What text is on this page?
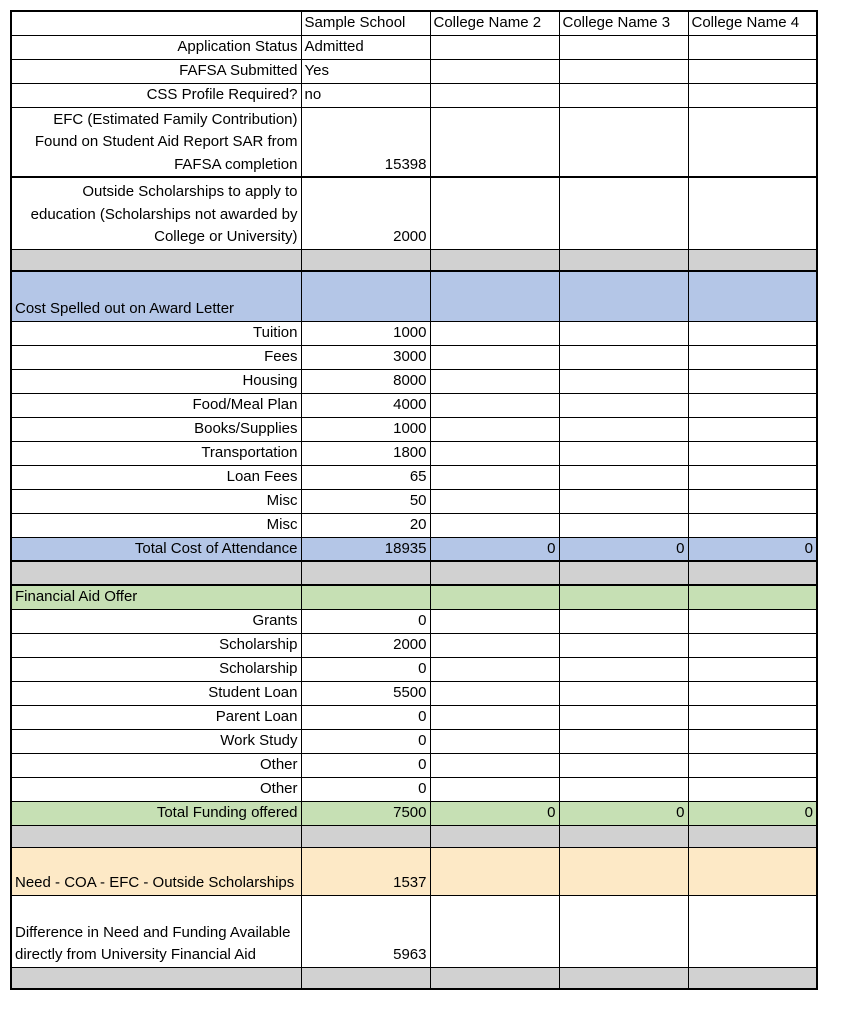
	Sample School	College Name 2	College Name 3	College Name 4
Application Status	Admitted			
FAFSA Submitted	Yes			
CSS Profile Required?	no			
EFC (Estimated Family Contribution) Found on Student Aid Report SAR from FAFSA completion	15398			
Outside Scholarships to apply to education (Scholarships not awarded by College or University)	2000			

Cost Spelled out on Award Letter				
Tuition	1000			
Fees	3000			
Housing	8000			
Food/Meal Plan	4000			
Books/Supplies	1000			
Transportation	1800			
Loan Fees	65			
Misc	50			
Misc	20			
Total Cost of Attendance	18935	0	0	0

Financial Aid Offer				
Grants	0			
Scholarship	2000			
Scholarship	0			
Student Loan	5500			
Parent Loan	0			
Work Study	0			
Other	0			
Other	0			
Total Funding offered	7500	0	0	0

Need - COA - EFC - Outside Scholarships	1537			
Difference in Need and Funding Available directly from University Financial Aid	5963			
